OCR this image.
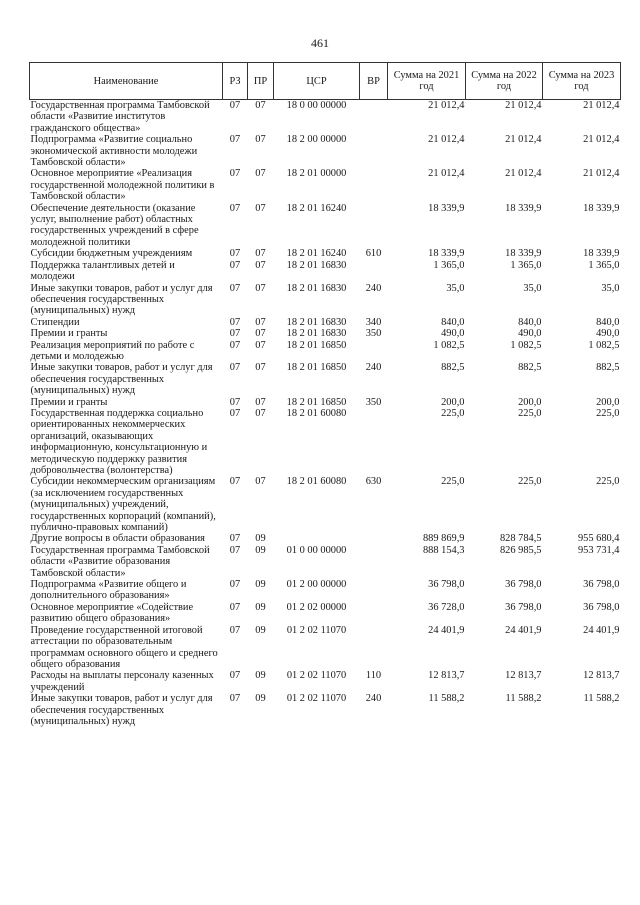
461
Наименование	РЗ	ПР	ЦСР	ВР	Сумма на 2021 год	Сумма на 2022 год	Сумма на 2023 год
Государственная программа Тамбовской области «Развитие институтов гражданского общества»	07	07	18 0 00 00000		21 012,4	21 012,4	21 012,4
Подпрограмма «Развитие социально экономической активности молодежи Тамбовской области»	07	07	18 2 00 00000		21 012,4	21 012,4	21 012,4
Основное мероприятие «Реализация государственной молодежной политики в Тамбовской области»	07	07	18 2 01 00000		21 012,4	21 012,4	21 012,4
Обеспечение деятельности (оказание услуг, выполнение работ) областных государственных учреждений в сфере молодежной политики	07	07	18 2 01 16240		18 339,9	18 339,9	18 339,9
Субсидии бюджетным учреждениям	07	07	18 2 01 16240	610	18 339,9	18 339,9	18 339,9
Поддержка талантливых детей и молодежи	07	07	18 2 01 16830		1 365,0	1 365,0	1 365,0
Иные закупки товаров, работ и услуг для обеспечения государственных (муниципальных) нужд	07	07	18 2 01 16830	240	35,0	35,0	35,0
Стипендии	07	07	18 2 01 16830	340	840,0	840,0	840,0
Премии и гранты	07	07	18 2 01 16830	350	490,0	490,0	490,0
Реализация мероприятий по работе с детьми и молодежью	07	07	18 2 01 16850		1 082,5	1 082,5	1 082,5
Иные закупки товаров, работ и услуг для обеспечения государственных (муниципальных) нужд	07	07	18 2 01 16850	240	882,5	882,5	882,5
Премии и гранты	07	07	18 2 01 16850	350	200,0	200,0	200,0
Государственная поддержка социально ориентированных некоммерческих организаций, оказывающих информационную, консультационную и методическую поддержку развития добровольчества (волонтерства)	07	07	18 2 01 60080		225,0	225,0	225,0
Субсидии некоммерческим организациям (за исключением государственных (муниципальных) учреждений, государственных корпораций (компаний), публично-правовых компаний)	07	07	18 2 01 60080	630	225,0	225,0	225,0
Другие вопросы в области образования	07	09			889 869,9	828 784,5	955 680,4
Государственная программа Тамбовской области «Развитие образования Тамбовской области»	07	09	01 0 00 00000		888 154,3	826 985,5	953 731,4
Подпрограмма «Развитие общего и дополнительного образования»	07	09	01 2 00 00000		36 798,0	36 798,0	36 798,0
Основное мероприятие «Содействие развитию общего образования»	07	09	01 2 02 00000		36 728,0	36 798,0	36 798,0
Проведение государственной итоговой аттестации по образовательным программам основного общего и среднего общего образования	07	09	01 2 02 11070		24 401,9	24 401,9	24 401,9
Расходы на выплаты персоналу казенных учреждений	07	09	01 2 02 11070	110	12 813,7	12 813,7	12 813,7
Иные закупки товаров, работ и услуг для обеспечения государственных (муниципальных) нужд	07	09	01 2 02 11070	240	11 588,2	11 588,2	11 588,2
